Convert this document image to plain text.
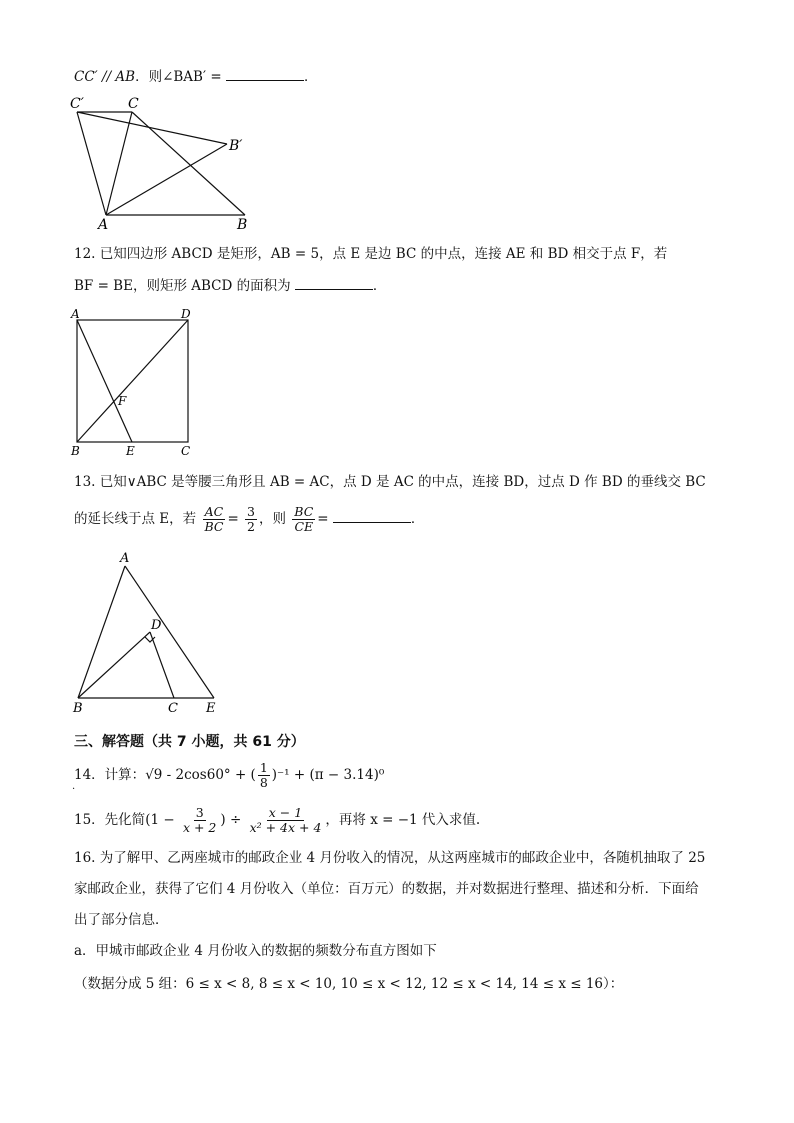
CC′ // AB．则∠BAB′ =	．
C′	C
B′
A	B
12. 已知四边形 ABCD 是矩形，AB = 5，点 E 是边 BC 的中点，连接 AE 和 BD 相交于点 F，若
BF = BE，则矩形 ABCD 的面积为	．
A	D
F
B	E	C
13. 已知∨ABC 是等腰三角形且 AB = AC，点 D 是 AC 的中点，连接 BD，过点 D 作 BD 的垂线交 BC
的延长线于点 E，若 $\frac{AC}{BC} = \frac{3}{2}$ ，则 $\frac{BC}{CE}$ =	．
A
D
B	C E
三、解答题（共 7 小题，共 61 分）
14．计算：√9 - 2cos60° + ( $\frac{1}{8} )^{-1} + (\pi - 3.14)^0$
.
15．先化简($1 - \frac{3}{x + 2}$ ) ÷ $\frac{x - 1}{\text{x² + 4x + 4}}$ ，再将 x = −1 代入求值.
16. 为了解甲、乙两座城市的邮政企业 4 月份收入的情况，从这两座城市的邮政企业中，各随机抽取了 25
家邮政企业，获得了它们 4 月份收入（单位：百万元）的数据，并对数据进行整理、描述和分析．下面给
出了部分信息．
a．甲城市邮政企业 4 月份收入的数据的频数分布直方图如下
（数据分成 5 组：6 ≤ x < 8, 8 ≤ x < 10, 10 ≤ x < 12, 12 ≤ x < 14, 14 ≤ x ≤ 16）：
